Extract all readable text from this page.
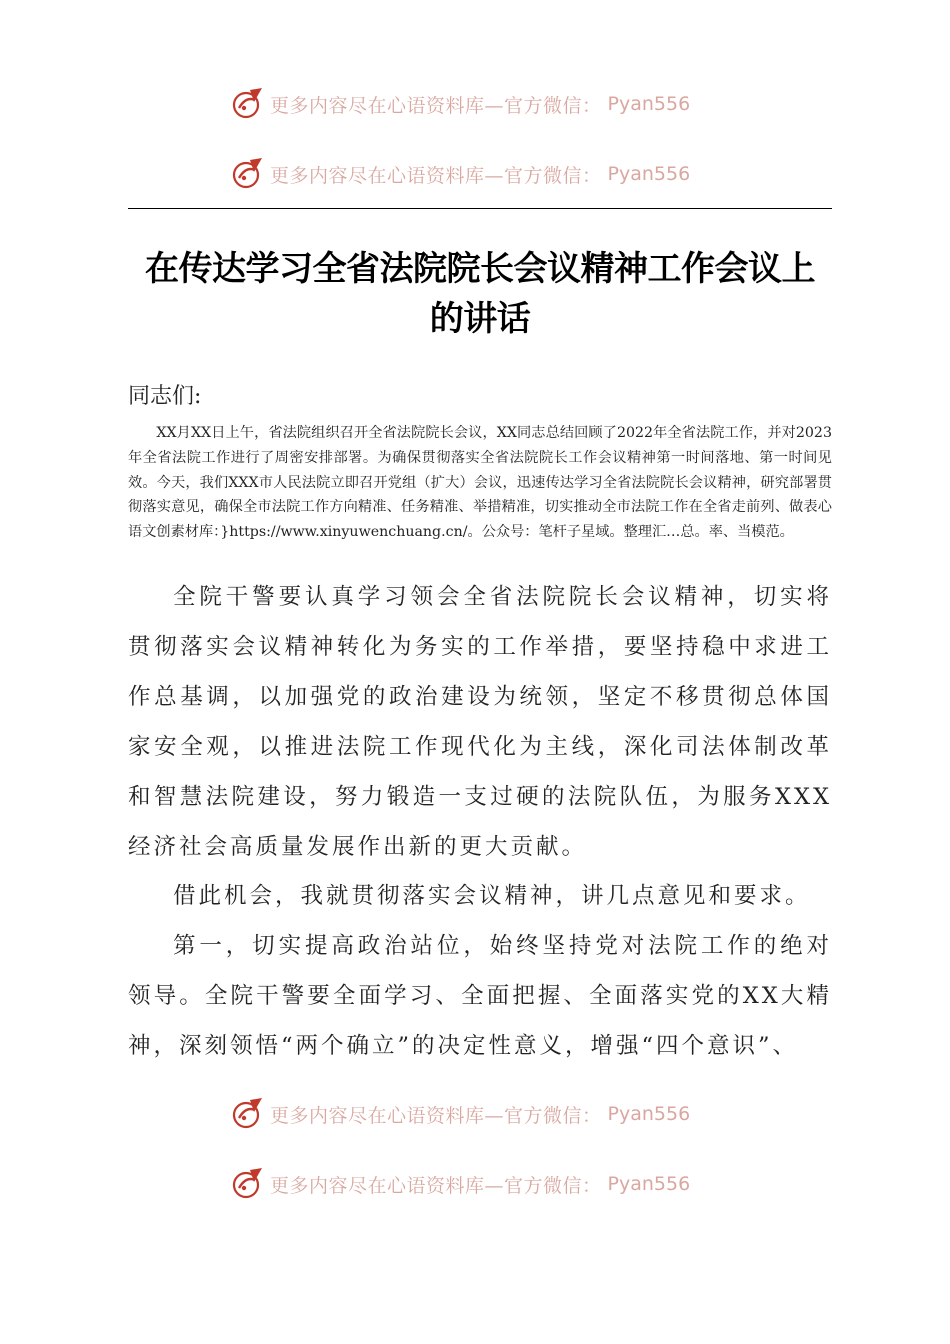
更多内容尽在心语资料库—官方微信： Pyan556
更多内容尽在心语资料库—官方微信： Pyan556
在传达学习全省法院院长会议精神工作会议上
的讲话
同志们:
XX月XX日上午，省法院组织召开全省法院院长会议，XX同志总结回顾了2022年全省法院工作，并对2023年全省法院工作进行了周密安排部署。为确保贯彻落实全省法院院长工作会议精神第一时间落地、第一时间见效。今天，我们XXX市人民法院立即召开党组（扩大）会议，迅速传达学习全省法院院长会议精神，研究部署贯彻落实意见，确保全市法院工作方向精准、任务精准、举措精准，切实推动全市法院工作在全省走前列、做表心语文创素材库：}https://www.xinyuwenchuang.cn/。公众号：笔杆子星域。整理汇…总。率、当模范。
全院干警要认真学习领会全省法院院长会议精神，切实将贯彻落实会议精神转化为务实的工作举措，要坚持稳中求进工作总基调，以加强党的政治建设为统领，坚定不移贯彻总体国家安全观，以推进法院工作现代化为主线，深化司法体制改革和智慧法院建设，努力锻造一支过硬的法院队伍，为服务XXX经济社会高质量发展作出新的更大贡献。
借此机会，我就贯彻落实会议精神，讲几点意见和要求。
第一，切实提高政治站位，始终坚持党对法院工作的绝对领导。全院干警要全面学习、全面把握、全面落实党的XX大精神，深刻领悟“两个确立”的决定性意义，增强“四个意识”、
更多内容尽在心语资料库—官方微信： Pyan556
更多内容尽在心语资料库—官方微信： Pyan556
